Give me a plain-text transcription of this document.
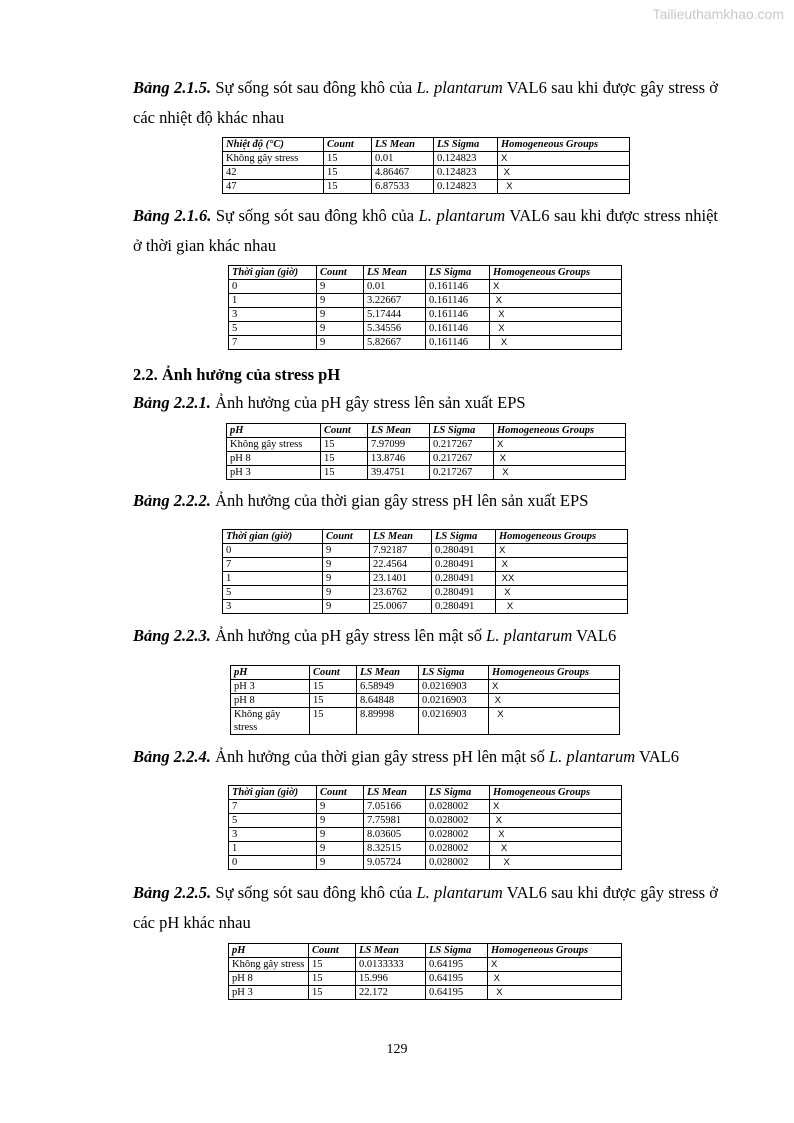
Tailieuthamkhao.com
Bảng 2.1.5. Sự sống sót sau đông khô của L. plantarum VAL6 sau khi được gây stress ở các nhiệt độ khác nhau
Nhiệt độ (°C)	Count	LS Mean	LS Sigma	Homogeneous Groups
Không gây stress	15	0.01	0.124823	X
42	15	4.86467	0.124823	X
47	15	6.87533	0.124823	X
Bảng 2.1.6. Sự sống sót sau đông khô của L. plantarum VAL6 sau khi được stress nhiệt ở thời gian khác nhau
Thời gian (giờ)	Count	LS Mean	LS Sigma	Homogeneous Groups
0	9	0.01	0.161146	X
1	9	3.22667	0.161146	X
3	9	5.17444	0.161146	X
5	9	5.34556	0.161146	X
7	9	5.82667	0.161146	X
2.2. Ảnh hưởng của stress pH
Bảng 2.2.1. Ảnh hưởng của pH gây stress lên sản xuất EPS
pH	Count	LS Mean	LS Sigma	Homogeneous Groups
Không gây stress	15	7.97099	0.217267	X
pH 8	15	13.8746	0.217267	X
pH 3	15	39.4751	0.217267	X
Bảng 2.2.2. Ảnh hưởng của thời gian gây stress pH lên sản xuất EPS
Thời gian (giờ)	Count	LS Mean	LS Sigma	Homogeneous Groups
0	9	7.92187	0.280491	X
7	9	22.4564	0.280491	X
1	9	23.1401	0.280491	XX
5	9	23.6762	0.280491	X
3	9	25.0067	0.280491	X
Bảng 2.2.3. Ảnh hưởng của pH gây stress lên mật số L. plantarum VAL6
pH	Count	LS Mean	LS Sigma	Homogeneous Groups
pH 3	15	6.58949	0.0216903	X
pH 8	15	8.64848	0.0216903	X
Không gây stress	15	8.89998	0.0216903	X
Bảng 2.2.4. Ảnh hưởng của thời gian gây stress pH lên mật số L. plantarum VAL6
Thời gian (giờ)	Count	LS Mean	LS Sigma	Homogeneous Groups
7	9	7.05166	0.028002	X
5	9	7.75981	0.028002	X
3	9	8.03605	0.028002	X
1	9	8.32515	0.028002	X
0	9	9.05724	0.028002	X
Bảng 2.2.5. Sự sống sót sau đông khô của L. plantarum VAL6 sau khi được gây stress ở các pH khác nhau
pH	Count	LS Mean	LS Sigma	Homogeneous Groups
Không gây stress	15	0.0133333	0.64195	X
pH 8	15	15.996	0.64195	X
pH 3	15	22.172	0.64195	X
129
